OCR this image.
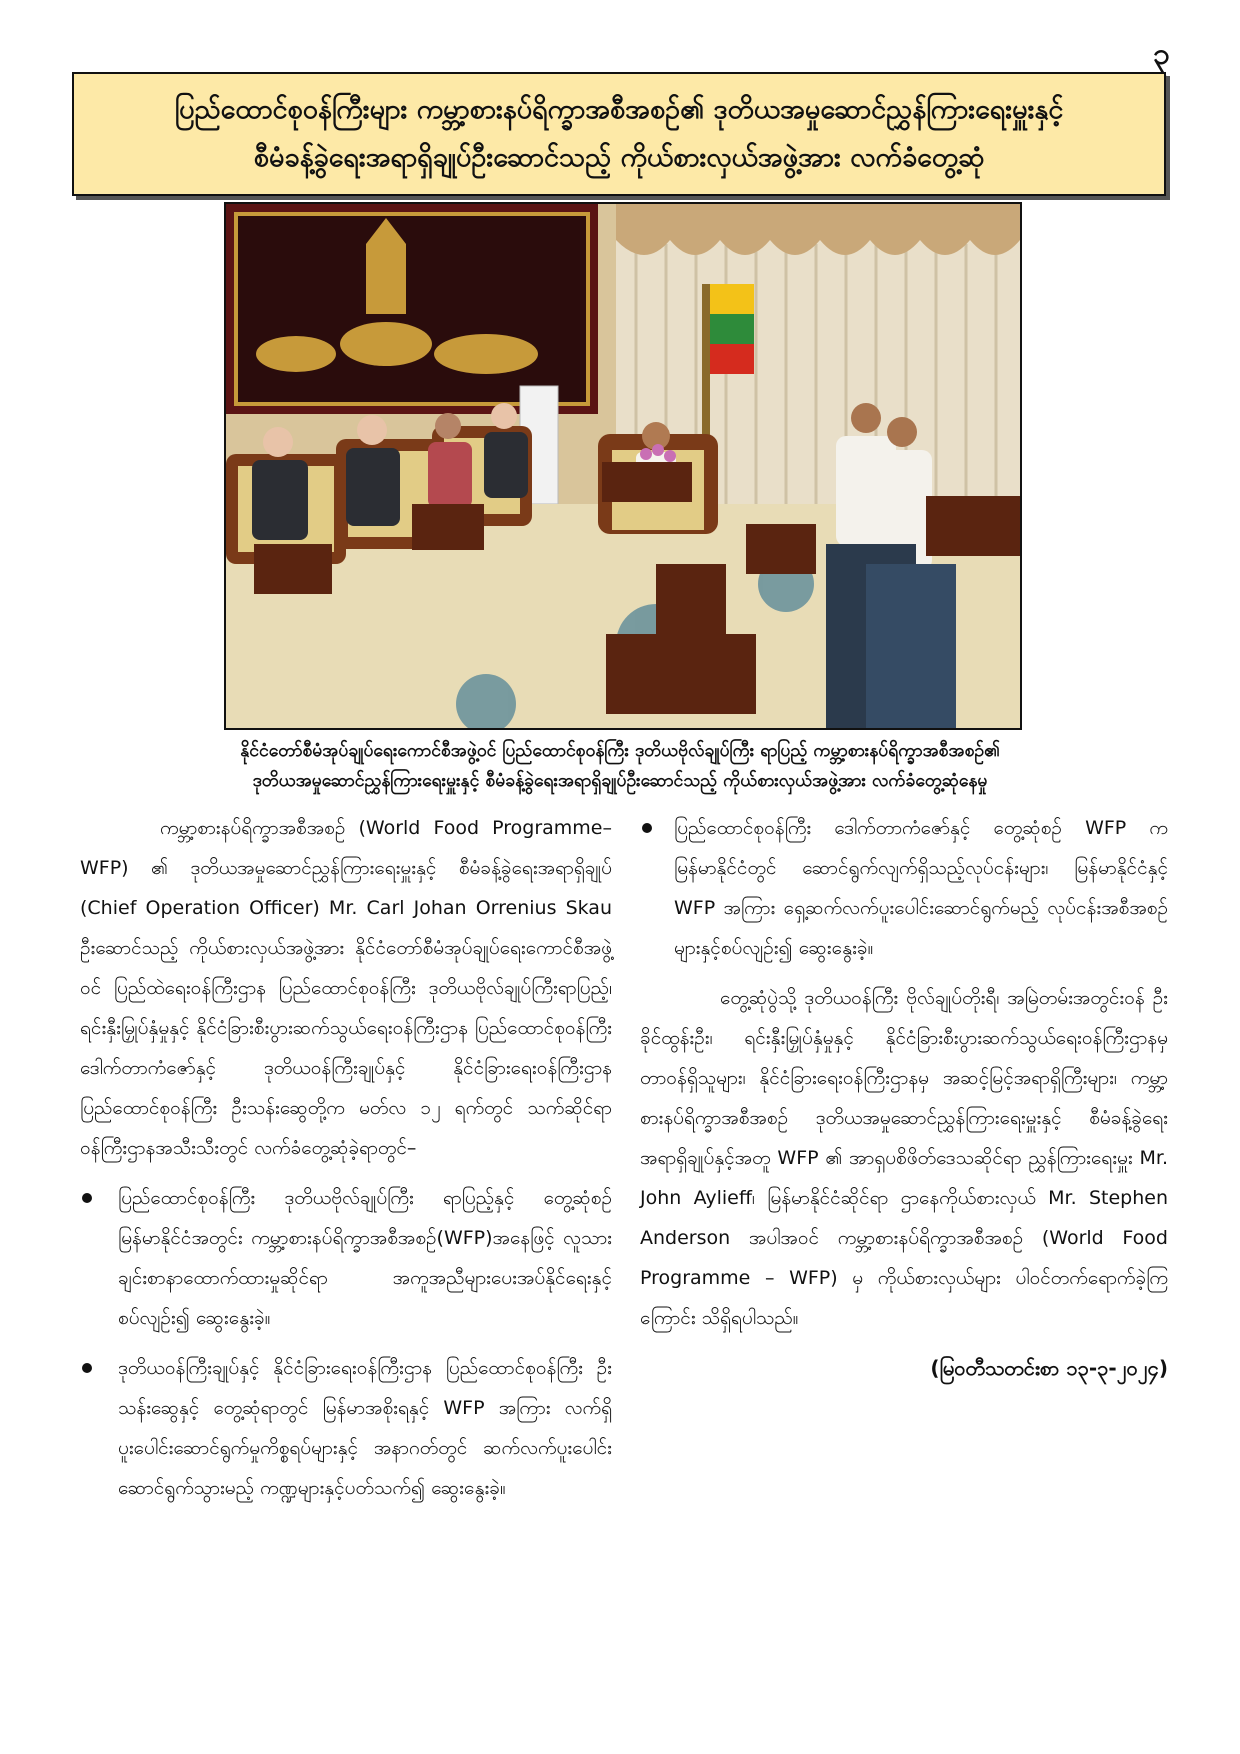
၃
ပြည်ထောင်စုဝန်ကြီးများ ကမ္ဘာ့စားနပ်ရိက္ခာအစီအစဉ်၏ ဒုတိယအမှုဆောင်ညွှန်ကြားရေးမှူးနှင့်
စီမံခန့်ခွဲရေးအရာရှိချုပ်ဦးဆောင်သည့် ကိုယ်စားလှယ်အဖွဲ့အား လက်ခံတွေ့ဆုံ
နိုင်ငံတော်စီမံအုပ်ချုပ်ရေးကောင်စီအဖွဲ့ဝင် ပြည်ထောင်စုဝန်ကြီး ဒုတိယဗိုလ်ချုပ်ကြီး ရာပြည့် ကမ္ဘာ့စားနပ်ရိက္ခာအစီအစဉ်၏
ဒုတိယအမှုဆောင်ညွှန်ကြားရေးမှူးနှင့် စီမံခန့်ခွဲရေးအရာရှိချုပ်ဦးဆောင်သည့် ကိုယ်စားလှယ်အဖွဲ့အား လက်ခံတွေ့ဆုံနေမှု

ကမ္ဘာ့စားနပ်ရိက္ခာအစီအစဉ် (World Food Programme–WFP) ၏ ဒုတိယအမှုဆောင်ညွှန်ကြားရေးမှူးနှင့် စီမံခန့်ခွဲရေးအရာရှိချုပ် (Chief Operation Officer) Mr. Carl Johan Orrenius Skau ဦးဆောင်သည့် ကိုယ်စားလှယ်အဖွဲ့အား နိုင်ငံတော်စီမံအုပ်ချုပ်ရေးကောင်စီအဖွဲ့ဝင် ပြည်ထဲရေးဝန်ကြီးဌာန ပြည်ထောင်စုဝန်ကြီး ဒုတိယဗိုလ်ချုပ်ကြီးရာပြည့်၊ ရင်းနှီးမြှုပ်နှံမှုနှင့် နိုင်ငံခြားစီးပွားဆက်သွယ်ရေးဝန်ကြီးဌာန ပြည်ထောင်စုဝန်ကြီး ဒေါက်တာကံဇော်နှင့် ဒုတိယဝန်ကြီးချုပ်နှင့် နိုင်ငံခြားရေးဝန်ကြီးဌာန ပြည်ထောင်စုဝန်ကြီး ဦးသန်းဆွေတို့က မတ်လ ၁၂ ရက်တွင် သက်ဆိုင်ရာ ဝန်ကြီးဌာနအသီးသီးတွင် လက်ခံတွေ့ဆုံခဲ့ရာတွင်–

ပြည်ထောင်စုဝန်ကြီး ဒုတိယဗိုလ်ချုပ်ကြီး ရာပြည့်နှင့် တွေ့ဆုံစဉ် မြန်မာနိုင်ငံအတွင်း ကမ္ဘာ့စားနပ်ရိက္ခာအစီအစဉ်(WFP)အနေဖြင့် လူသားချင်းစာနာထောက်ထားမှုဆိုင်ရာ အကူအညီများပေးအပ်နိုင်ရေးနှင့်စပ်လျဉ်း၍ ဆွေးနွေးခဲ့။

ဒုတိယဝန်ကြီးချုပ်နှင့် နိုင်ငံခြားရေးဝန်ကြီးဌာန ပြည်ထောင်စုဝန်ကြီး ဦးသန်းဆွေနှင့် တွေ့ဆုံရာတွင် မြန်မာအစိုးရနှင့် WFP အကြား လက်ရှိပူးပေါင်းဆောင်ရွက်မှုကိစ္စရပ်များနှင့် အနာဂတ်တွင် ဆက်လက်ပူးပေါင်းဆောင်ရွက်သွားမည့် ကဏ္ဍများနှင့်ပတ်သက်၍ ဆွေးနွေးခဲ့။

ပြည်ထောင်စုဝန်ကြီး ဒေါက်တာကံဇော်နှင့် တွေ့ဆုံစဉ် WFP က မြန်မာနိုင်ငံတွင် ဆောင်ရွက်လျက်ရှိသည့်လုပ်ငန်းများ၊ မြန်မာနိုင်ငံနှင့် WFP အကြား ရှေ့ဆက်လက်ပူးပေါင်းဆောင်ရွက်မည့် လုပ်ငန်းအစီအစဉ်များနှင့်စပ်လျဉ်း၍ ဆွေးနွေးခဲ့။

တွေ့ဆုံပွဲသို့ ဒုတိယဝန်ကြီး ဗိုလ်ချုပ်တိုးရီ၊ အမြဲတမ်းအတွင်းဝန် ဦးခိုင်ထွန်းဦး၊ ရင်းနှီးမြှုပ်နှံမှုနှင့် နိုင်ငံခြားစီးပွားဆက်သွယ်ရေးဝန်ကြီးဌာနမှ တာဝန်ရှိသူများ၊ နိုင်ငံခြားရေးဝန်ကြီးဌာနမှ အဆင့်မြင့်အရာရှိကြီးများ၊ ကမ္ဘာ့စားနပ်ရိက္ခာအစီအစဉ် ဒုတိယအမှုဆောင်ညွှန်ကြားရေးမှူးနှင့် စီမံခန့်ခွဲရေးအရာရှိချုပ်နှင့်အတူ WFP ၏ အာရှပစိဖိတ်ဒေသဆိုင်ရာ ညွှန်ကြားရေးမှူး Mr. John Aylieff၊ မြန်မာနိုင်ငံဆိုင်ရာ ဌာနေကိုယ်စားလှယ် Mr. Stephen Anderson အပါအဝင် ကမ္ဘာ့စားနပ်ရိက္ခာအစီအစဉ် (World Food Programme – WFP) မှ ကိုယ်စားလှယ်များ ပါဝင်တက်ရောက်ခဲ့ကြကြောင်း သိရှိရပါသည်။

(မြဝတီသတင်းစာ ၁၃-၃-၂၀၂၄)
